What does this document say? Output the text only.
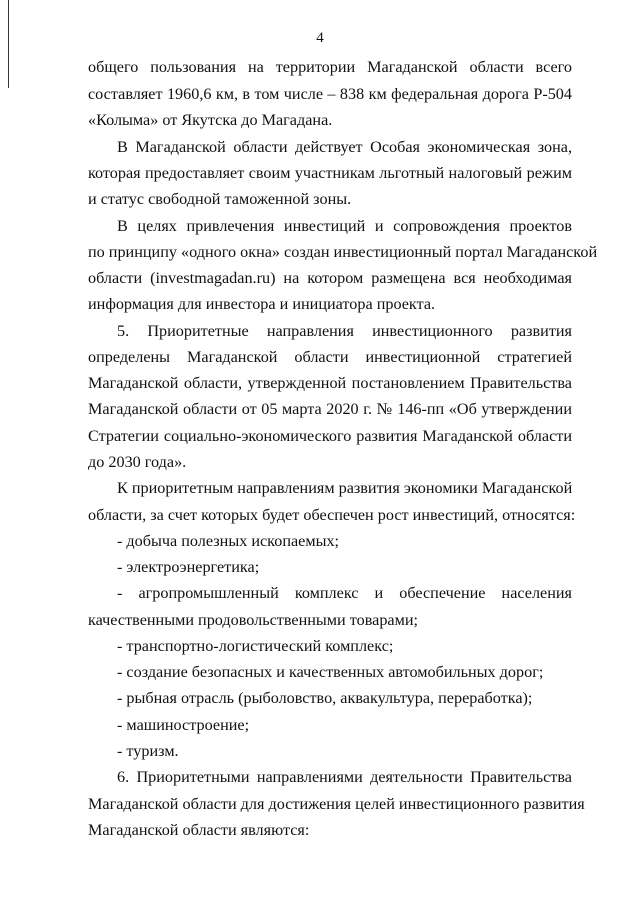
4
общего пользования на территории Магаданской области всего
составляет 1960,6 км, в том числе – 838 км федеральная дорога Р-504
«Колыма» от Якутска до Магадана.
В Магаданской области действует Особая экономическая зона,
которая предоставляет своим участникам льготный налоговый режим
и статус свободной таможенной зоны.
В целях привлечения инвестиций и сопровождения проектов
по принципу «одного окна» создан инвестиционный портал Магаданской
области (investmagadan.ru) на котором размещена вся необходимая
информация для инвестора и инициатора проекта.
5. Приоритетные направления инвестиционного развития
определены Магаданской области инвестиционной стратегией
Магаданской области, утвержденной постановлением Правительства
Магаданской области от 05 марта 2020 г. № 146-пп «Об утверждении
Стратегии социально-экономического развития Магаданской области
до 2030 года».
К приоритетным направлениям развития экономики Магаданской
области, за счет которых будет обеспечен рост инвестиций, относятся:
- добыча полезных ископаемых;
- электроэнергетика;
- агропромышленный комплекс и обеспечение населения
качественными продовольственными товарами;
- транспортно-логистический комплекс;
- создание безопасных и качественных автомобильных дорог;
- рыбная отрасль (рыболовство, аквакультура, переработка);
- машиностроение;
- туризм.
6. Приоритетными направлениями деятельности Правительства
Магаданской области для достижения целей инвестиционного развития
Магаданской области являются:
